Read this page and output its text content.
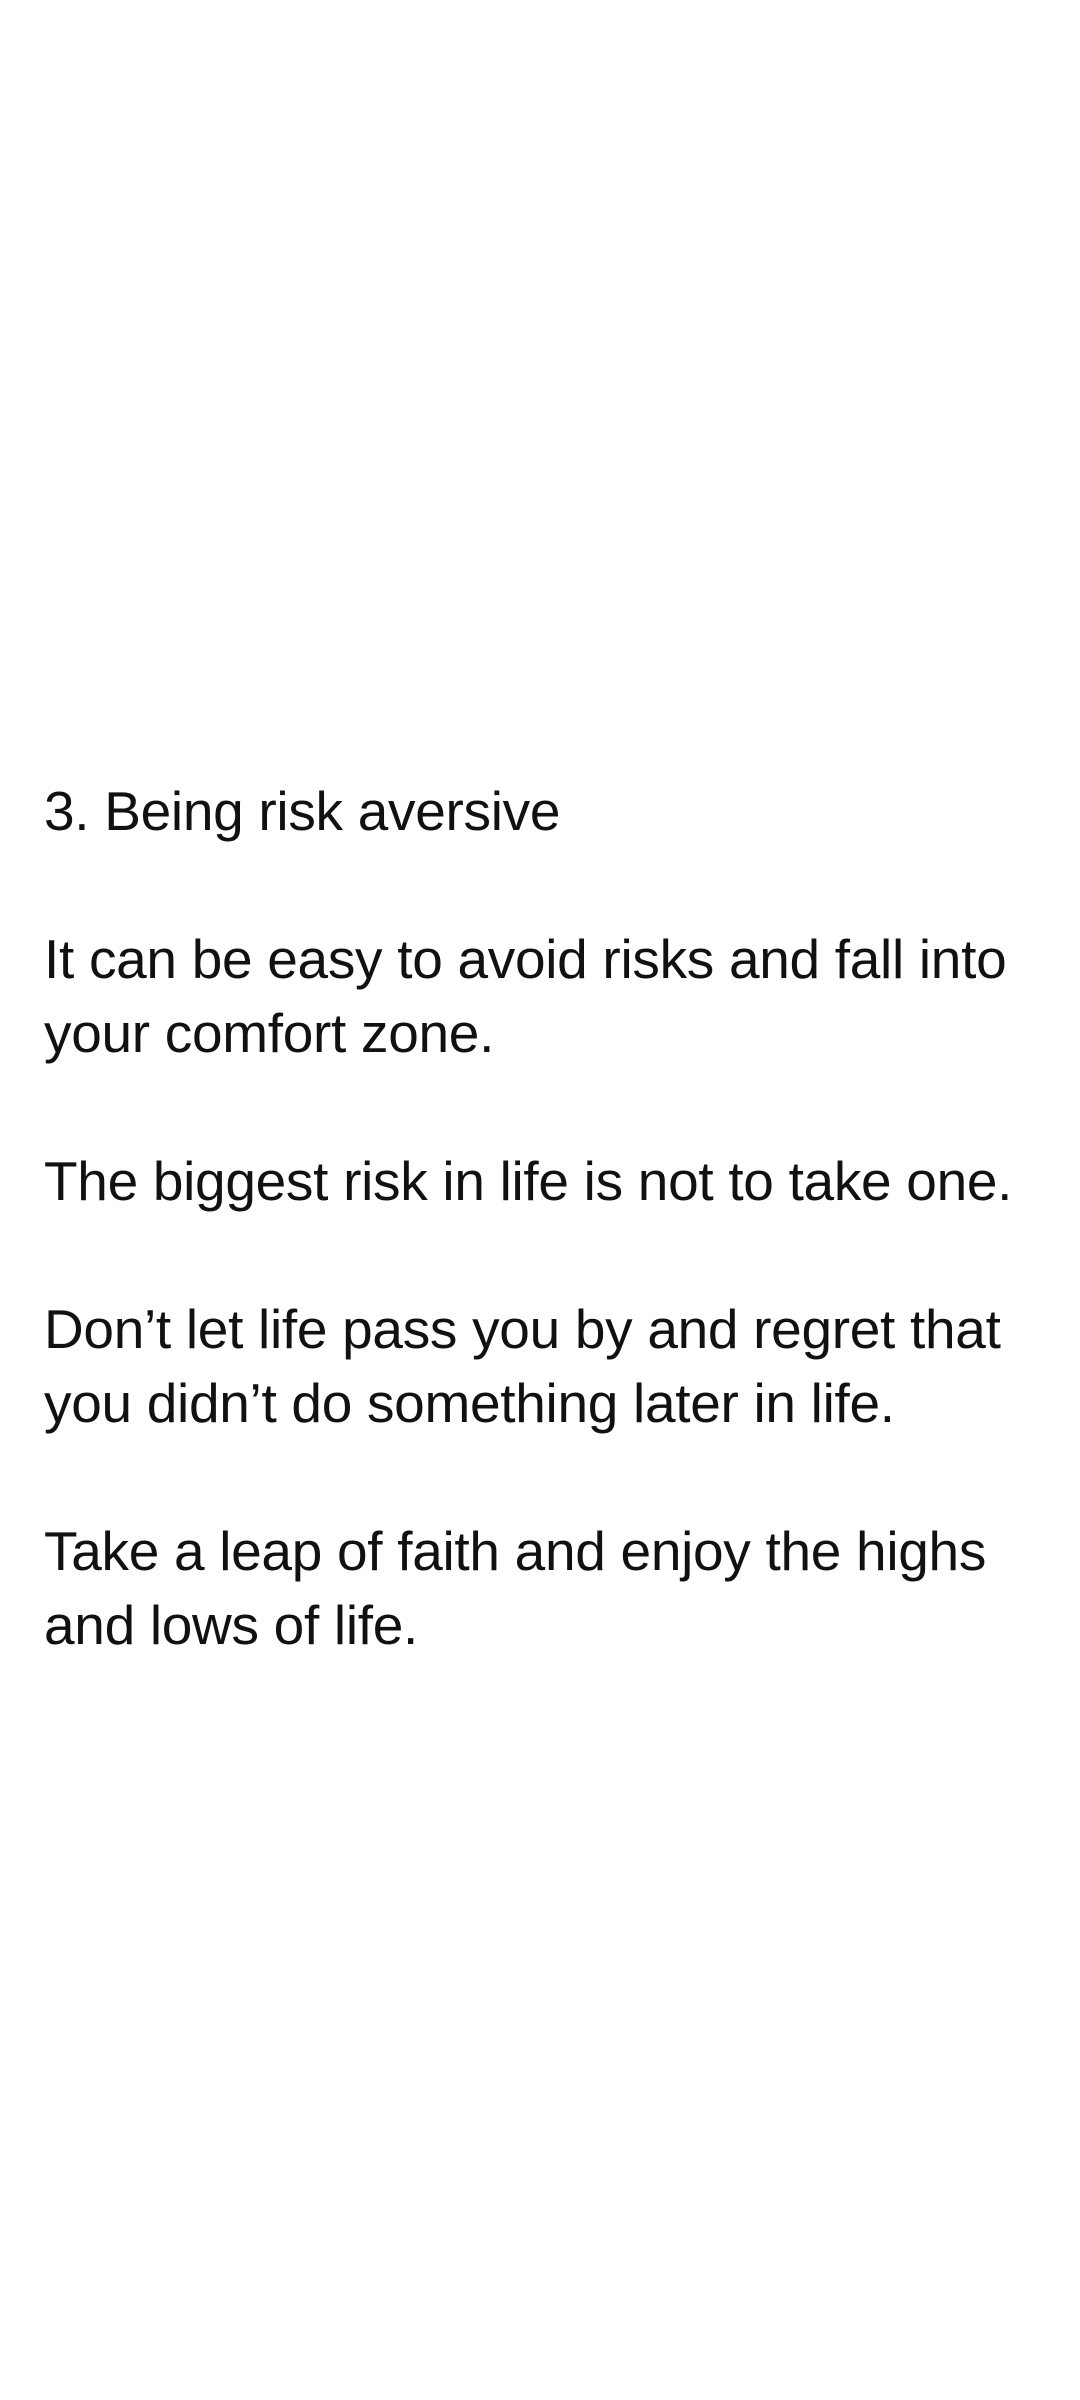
3. Being risk aversive

It can be easy to avoid risks and fall into your comfort zone.

The biggest risk in life is not to take one.

Don’t let life pass you by and regret that you didn’t do something later in life.

Take a leap of faith and enjoy the highs and lows of life.
